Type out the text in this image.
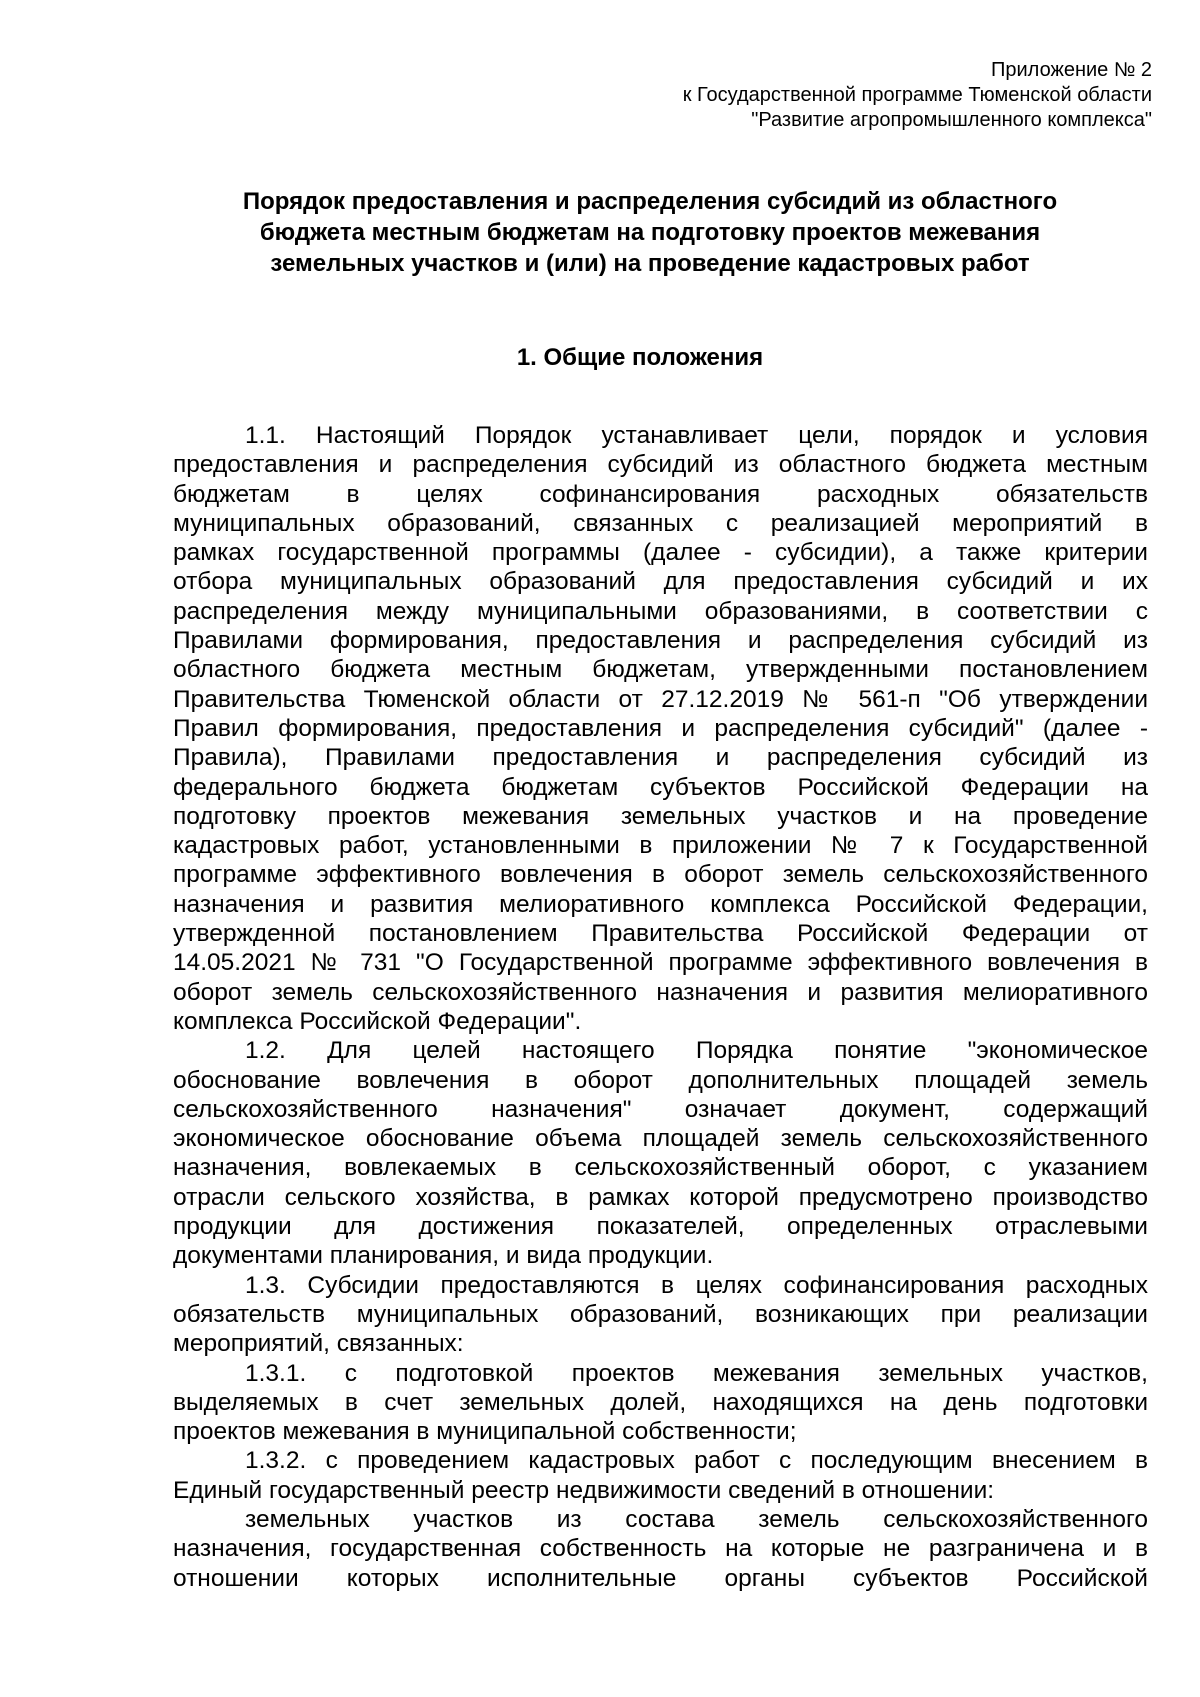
Приложение № 2
к Государственной программе Тюменской области
"Развитие агропромышленного комплекса"
Порядок предоставления и распределения субсидий из областного
бюджета местным бюджетам на подготовку проектов межевания
земельных участков и (или) на проведение кадастровых работ
1. Общие положения
1.1. Настоящий Порядок устанавливает цели, порядок и условия
предоставления и распределения субсидий из областного бюджета местным
бюджетам в целях софинансирования расходных обязательств
муниципальных образований, связанных с реализацией мероприятий в
рамках государственной программы (далее - субсидии), а также критерии
отбора муниципальных образований для предоставления субсидий и их
распределения между муниципальными образованиями, в соответствии с
Правилами формирования, предоставления и распределения субсидий из
областного бюджета местным бюджетам, утвержденными постановлением
Правительства Тюменской области от 27.12.2019 № 561-п "Об утверждении
Правил формирования, предоставления и распределения субсидий" (далее -
Правила), Правилами предоставления и распределения субсидий из
федерального бюджета бюджетам субъектов Российской Федерации на
подготовку проектов межевания земельных участков и на проведение
кадастровых работ, установленными в приложении № 7 к Государственной
программе эффективного вовлечения в оборот земель сельскохозяйственного
назначения и развития мелиоративного комплекса Российской Федерации,
утвержденной постановлением Правительства Российской Федерации от
14.05.2021 № 731 "О Государственной программе эффективного вовлечения в
оборот земель сельскохозяйственного назначения и развития мелиоративного
комплекса Российской Федерации".
1.2. Для целей настоящего Порядка понятие "экономическое
обоснование вовлечения в оборот дополнительных площадей земель
сельскохозяйственного назначения" означает документ, содержащий
экономическое обоснование объема площадей земель сельскохозяйственного
назначения, вовлекаемых в сельскохозяйственный оборот, с указанием
отрасли сельского хозяйства, в рамках которой предусмотрено производство
продукции для достижения показателей, определенных отраслевыми
документами планирования, и вида продукции.
1.3. Субсидии предоставляются в целях софинансирования расходных
обязательств муниципальных образований, возникающих при реализации
мероприятий, связанных:
1.3.1. с подготовкой проектов межевания земельных участков,
выделяемых в счет земельных долей, находящихся на день подготовки
проектов межевания в муниципальной собственности;
1.3.2. с проведением кадастровых работ с последующим внесением в
Единый государственный реестр недвижимости сведений в отношении:
земельных участков из состава земель сельскохозяйственного
назначения, государственная собственность на которые не разграничена и в
отношении которых исполнительные органы субъектов Российской
